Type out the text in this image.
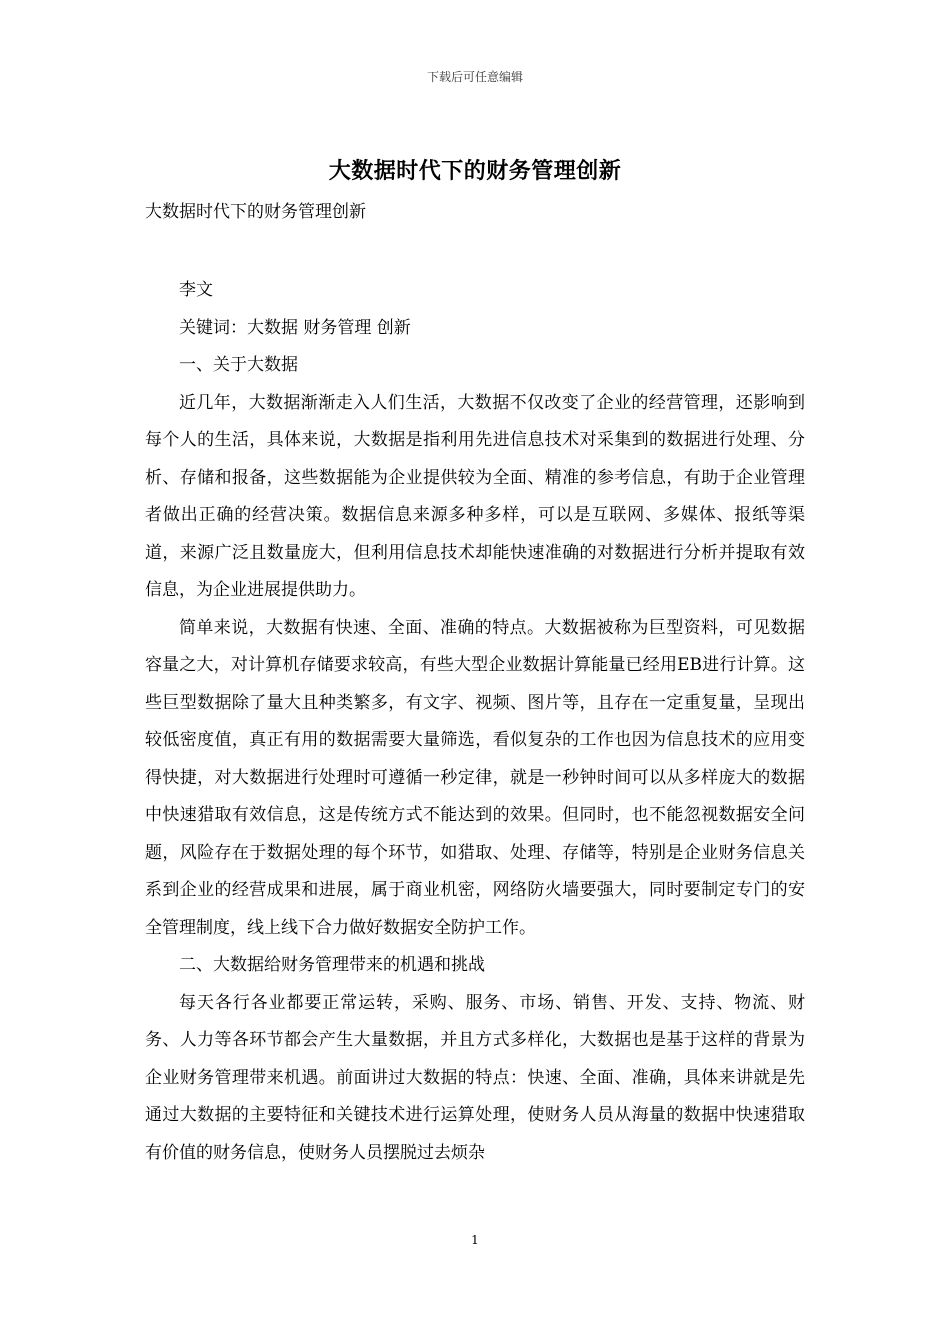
下载后可任意编辑
大数据时代下的财务管理创新
大数据时代下的财务管理创新

李文

关键词：大数据 财务管理 创新

一、关于大数据

近几年，大数据渐渐走入人们生活，大数据不仅改变了企业的经营管理，还影响到每个人的生活，具体来说，大数据是指利用先进信息技术对采集到的数据进行处理、分析、存储和报备，这些数据能为企业提供较为全面、精准的参考信息，有助于企业管理者做出正确的经营决策。数据信息来源多种多样，可以是互联网、多媒体、报纸等渠道，来源广泛且数量庞大，但利用信息技术却能快速准确的对数据进行分析并提取有效信息，为企业进展提供助力。

简单来说，大数据有快速、全面、准确的特点。大数据被称为巨型资料，可见数据容量之大，对计算机存储要求较高，有些大型企业数据计算能量已经用EB进行计算。这些巨型数据除了量大且种类繁多，有文字、视频、图片等，且存在一定重复量，呈现出较低密度值，真正有用的数据需要大量筛选，看似复杂的工作也因为信息技术的应用变得快捷，对大数据进行处理时可遵循一秒定律，就是一秒钟时间可以从多样庞大的数据中快速猎取有效信息，这是传统方式不能达到的效果。但同时，也不能忽视数据安全问题，风险存在于数据处理的每个环节，如猎取、处理、存储等，特别是企业财务信息关系到企业的经营成果和进展，属于商业机密，网络防火墙要强大，同时要制定专门的安全管理制度，线上线下合力做好数据安全防护工作。

二、大数据给财务管理带来的机遇和挑战

每天各行各业都要正常运转，采购、服务、市场、销售、开发、支持、物流、财务、人力等各环节都会产生大量数据，并且方式多样化，大数据也是基于这样的背景为企业财务管理带来机遇。前面讲过大数据的特点：快速、全面、准确，具体来讲就是先通过大数据的主要特征和关键技术进行运算处理，使财务人员从海量的数据中快速猎取有价值的财务信息，使财务人员摆脱过去烦杂

1
